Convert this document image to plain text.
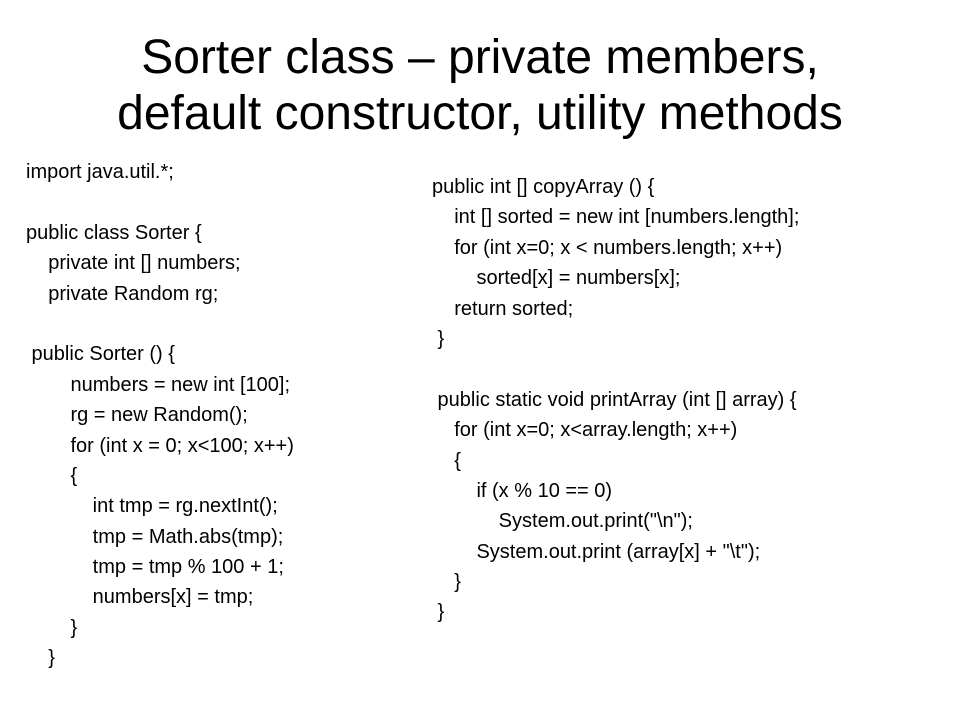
Sorter class – private members,
default constructor, utility methods
import java.util.*;
public class Sorter {
private int [] numbers;
private Random rg;
public Sorter () {
numbers = new int [100];
rg = new Random();
for (int x = 0; x<100; x++)
{
int tmp = rg.nextInt();
tmp = Math.abs(tmp);
tmp = tmp % 100 + 1;
numbers[x] = tmp;
}
}
public int [] copyArray () {
int [] sorted = new int [numbers.length];
for (int x=0; x < numbers.length; x++)
sorted[x] = numbers[x];
return sorted;
}
public static void printArray (int [] array) {
for (int x=0; x<array.length; x++)
{
if (x % 10 == 0)
System.out.print("\n");
System.out.print (array[x] + "\t");
}
}
